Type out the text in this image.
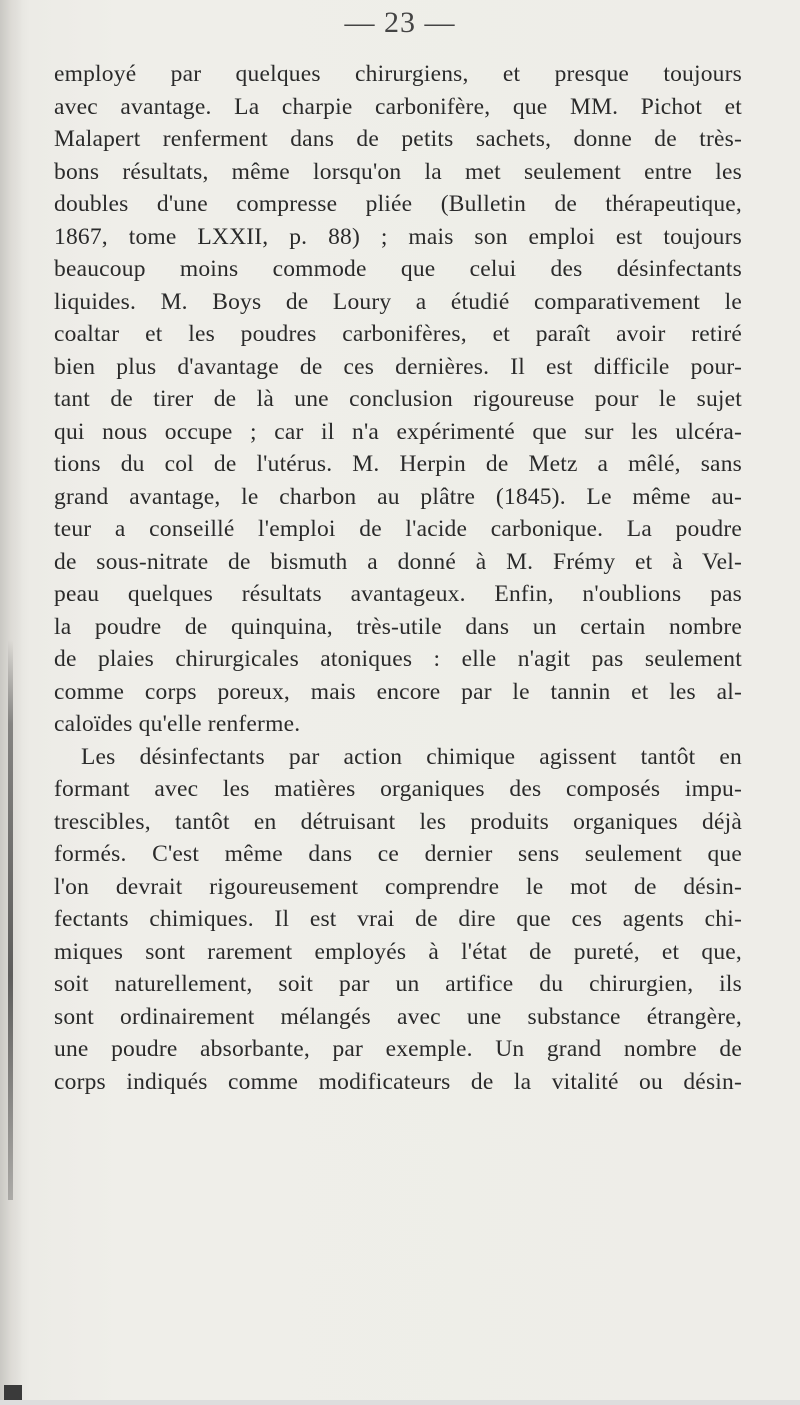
— 23 —
employé par quelques chirurgiens, et presque toujours
avec avantage. La charpie carbonifère, que MM. Pichot et
Malapert renferment dans de petits sachets, donne de très-
bons résultats, même lorsqu'on la met seulement entre les
doubles d'une compresse pliée (Bulletin de thérapeutique,
1867, tome LXXII, p. 88) ; mais son emploi est toujours
beaucoup moins commode que celui des désinfectants
liquides. M. Boys de Loury a étudié comparativement le
coaltar et les poudres carbonifères, et paraît avoir retiré
bien plus d'avantage de ces dernières. Il est difficile pour-
tant de tirer de là une conclusion rigoureuse pour le sujet
qui nous occupe ; car il n'a expérimenté que sur les ulcéra-
tions du col de l'utérus. M. Herpin de Metz a mêlé, sans
grand avantage, le charbon au plâtre (1845). Le même au-
teur a conseillé l'emploi de l'acide carbonique. La poudre
de sous-nitrate de bismuth a donné à M. Frémy et à Vel-
peau quelques résultats avantageux. Enfin, n'oublions pas
la poudre de quinquina, très-utile dans un certain nombre
de plaies chirurgicales atoniques : elle n'agit pas seulement
comme corps poreux, mais encore par le tannin et les al-
caloïdes qu'elle renferme.
Les désinfectants par action chimique agissent tantôt en
formant avec les matières organiques des composés impu-
trescibles, tantôt en détruisant les produits organiques déjà
formés. C'est même dans ce dernier sens seulement que
l'on devrait rigoureusement comprendre le mot de désin-
fectants chimiques. Il est vrai de dire que ces agents chi-
miques sont rarement employés à l'état de pureté, et que,
soit naturellement, soit par un artifice du chirurgien, ils
sont ordinairement mélangés avec une substance étrangère,
une poudre absorbante, par exemple. Un grand nombre de
corps indiqués comme modificateurs de la vitalité ou désin-
